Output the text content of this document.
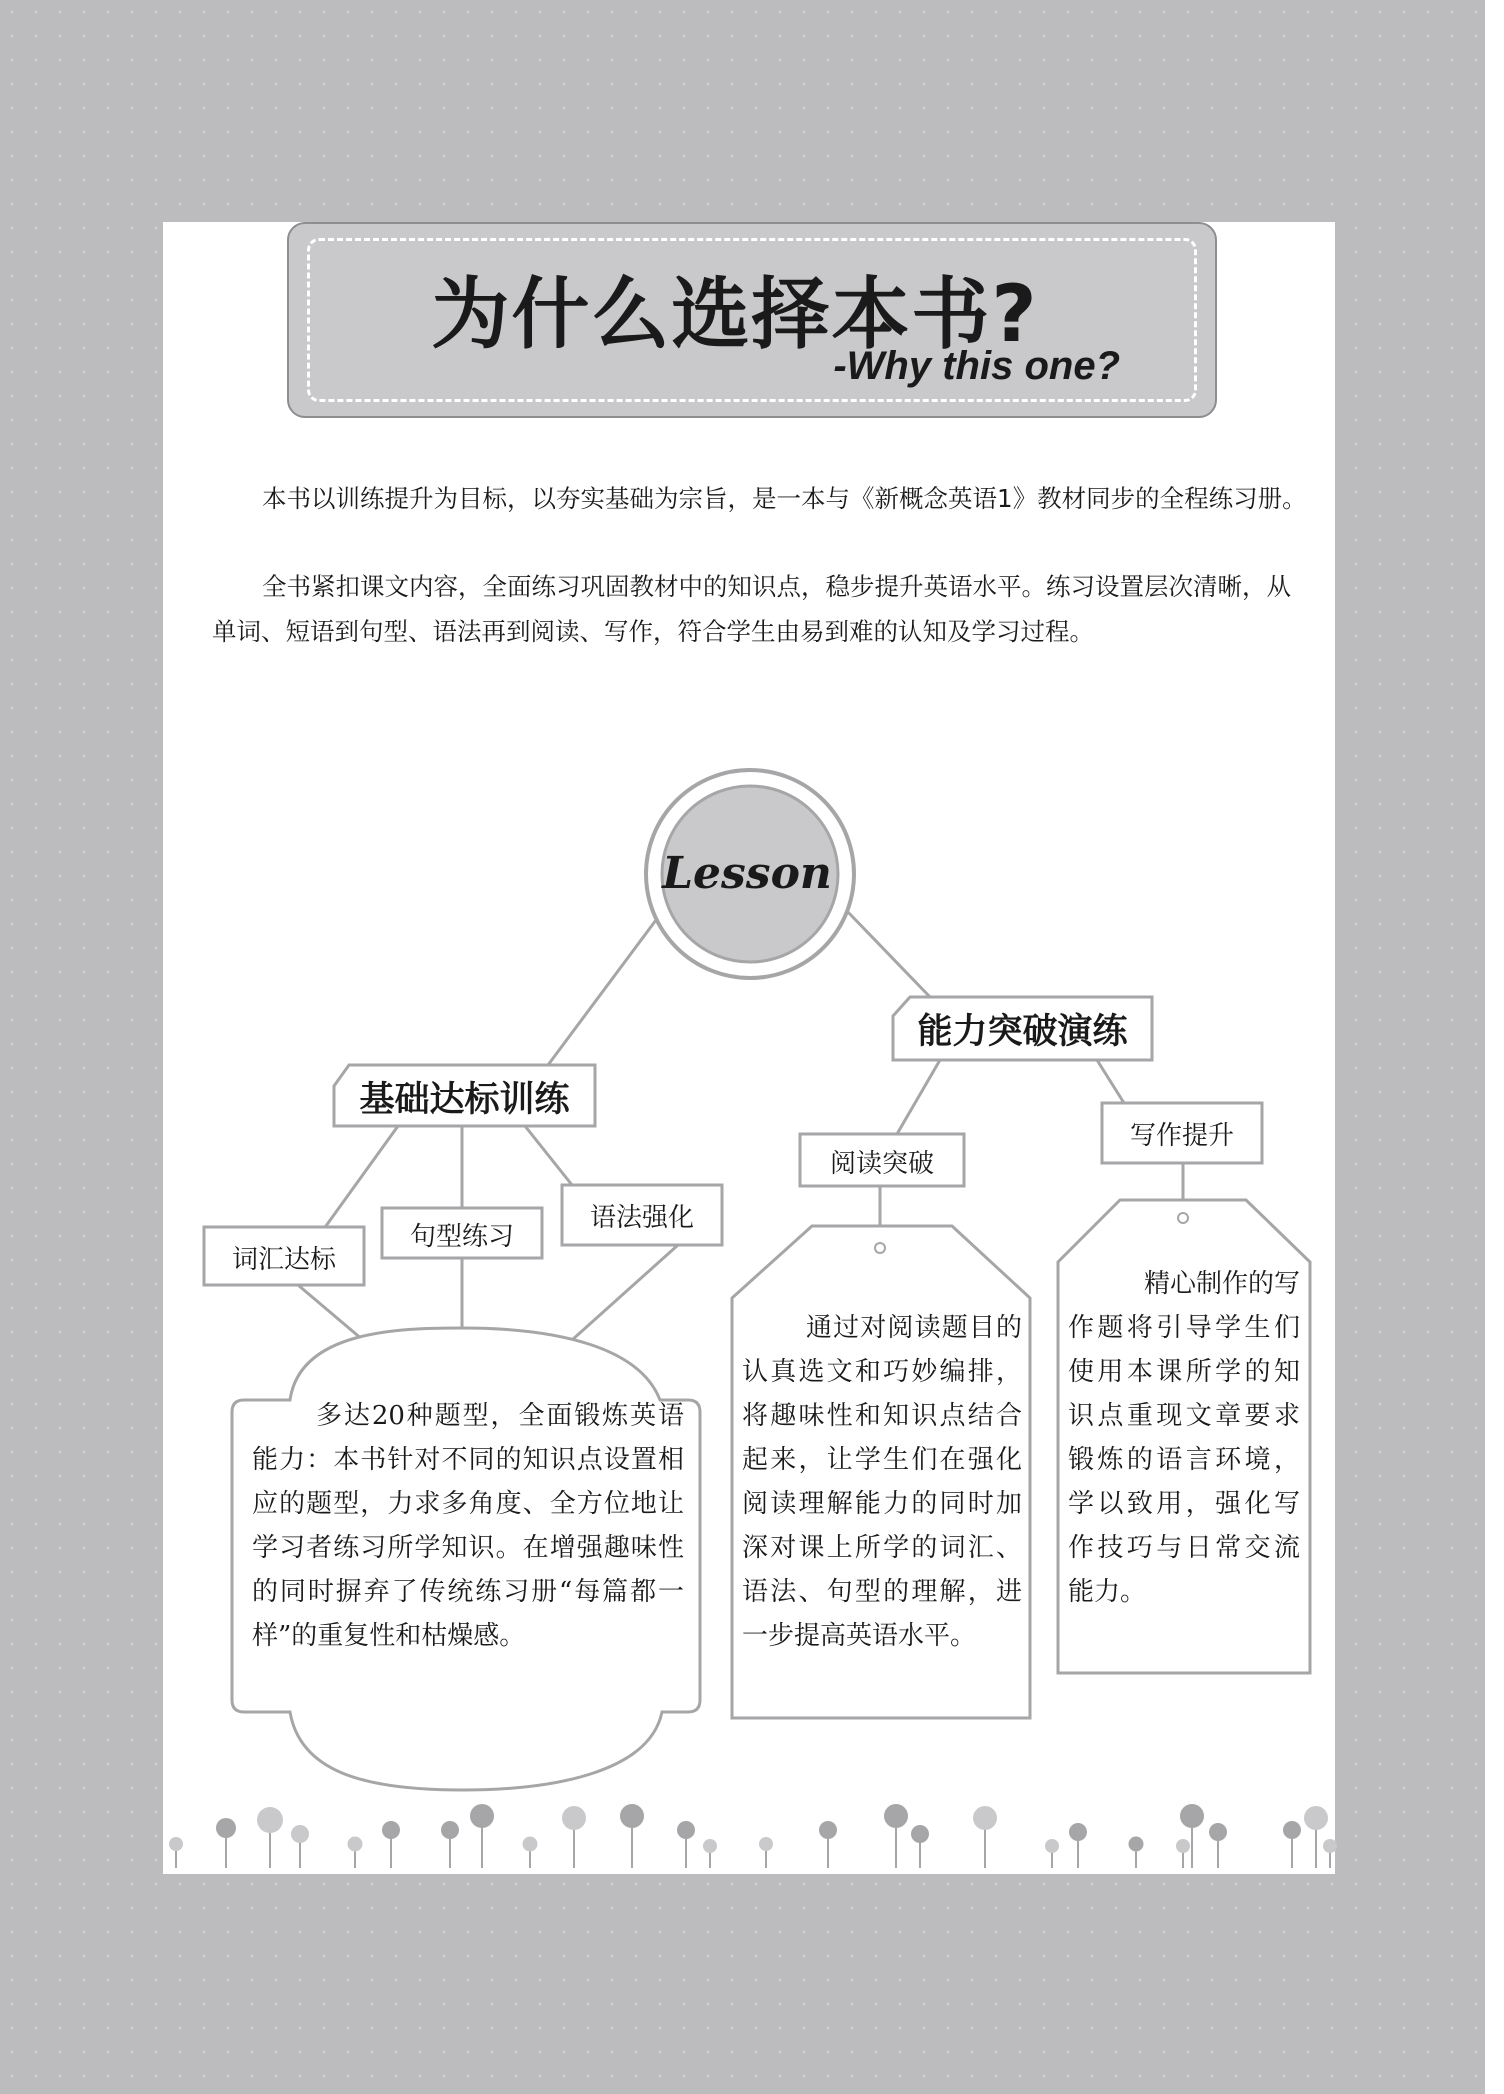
为什么选择本书?
-Why this one?

本书以训练提升为目标，以夯实基础为宗旨，是一本与《新概念英语1》教材同步的全程练习册。

全书紧扣课文内容，全面练习巩固教材中的知识点，稳步提升英语水平。练习设置层次清晰，从单词、短语到句型、语法再到阅读、写作，符合学生由易到难的认知及学习过程。

Lesson
基础达标训练
能力突破演练
词汇达标
句型练习
语法强化
阅读突破
写作提升

多达20种题型，全面锻炼英语能力：本书针对不同的知识点设置相应的题型，力求多角度、全方位地让学习者练习所学知识。在增强趣味性的同时摒弃了传统练习册“每篇都一样”的重复性和枯燥感。

通过对阅读题目的认真选文和巧妙编排，将趣味性和知识点结合起来，让学生们在强化阅读理解能力的同时加深对课上所学的词汇、语法、句型的理解，进一步提高英语水平。

精心制作的写作题将引导学生们使用本课所学的知识点重现文章要求锻炼的语言环境，学以致用，强化写作技巧与日常交流能力。
